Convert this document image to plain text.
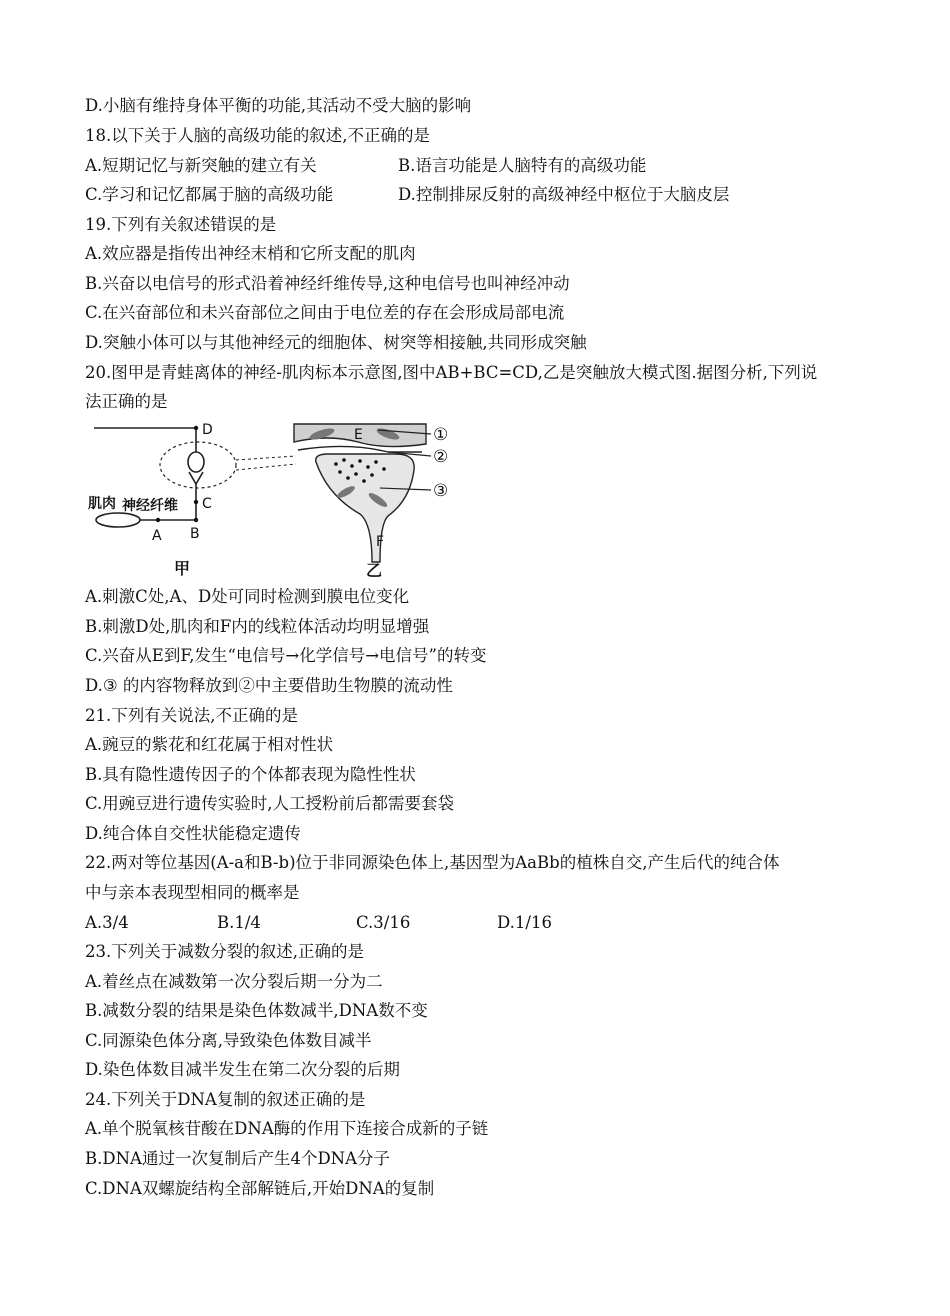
D.小脑有维持身体平衡的功能,其活动不受大脑的影响
18.以下关于人脑的高级功能的叙述,不正确的是
A.短期记忆与新突触的建立有关	B.语言功能是人脑特有的高级功能
C.学习和记忆都属于脑的高级功能	D.控制排尿反射的高级神经中枢位于大脑皮层
19.下列有关叙述错误的是
A.效应器是指传出神经末梢和它所支配的肌肉
B.兴奋以电信号的形式沿着神经纤维传导,这种电信号也叫神经冲动
C.在兴奋部位和未兴奋部位之间由于电位差的存在会形成局部电流
D.突触小体可以与其他神经元的细胞体、树突等相接触,共同形成突触
20.图甲是青蛙离体的神经-肌肉标本示意图,图中AB+BC=CD,乙是突触放大模式图.据图分析,下列说
法正确的是
D
C
B
A
肌肉 神经纤维
甲
E	①
②
③
F
乙
A.刺激C处,A、D处可同时检测到膜电位变化
B.刺激D处,肌肉和F内的线粒体活动均明显增强
C.兴奋从E到F,发生“电信号→化学信号→电信号”的转变
D.③ 的内容物释放到②中主要借助生物膜的流动性
21.下列有关说法,不正确的是
A.豌豆的紫花和红花属于相对性状
B.具有隐性遗传因子的个体都表现为隐性性状
C.用豌豆进行遗传实验时,人工授粉前后都需要套袋
D.纯合体自交性状能稳定遗传
22.两对等位基因(A-a和B-b)位于非同源染色体上,基因型为AaBb的植株自交,产生后代的纯合体
中与亲本表现型相同的概率是
A.3/4	B.1/4	C.3/16	D.1/16
23.下列关于减数分裂的叙述,正确的是
A.着丝点在减数第一次分裂后期一分为二
B.减数分裂的结果是染色体数减半,DNA数不变
C.同源染色体分离,导致染色体数目减半
D.染色体数目减半发生在第二次分裂的后期
24.下列关于DNA复制的叙述正确的是
A.单个脱氧核苷酸在DNA酶的作用下连接合成新的子链
B.DNA通过一次复制后产生4个DNA分子
C.DNA双螺旋结构全部解链后,开始DNA的复制
